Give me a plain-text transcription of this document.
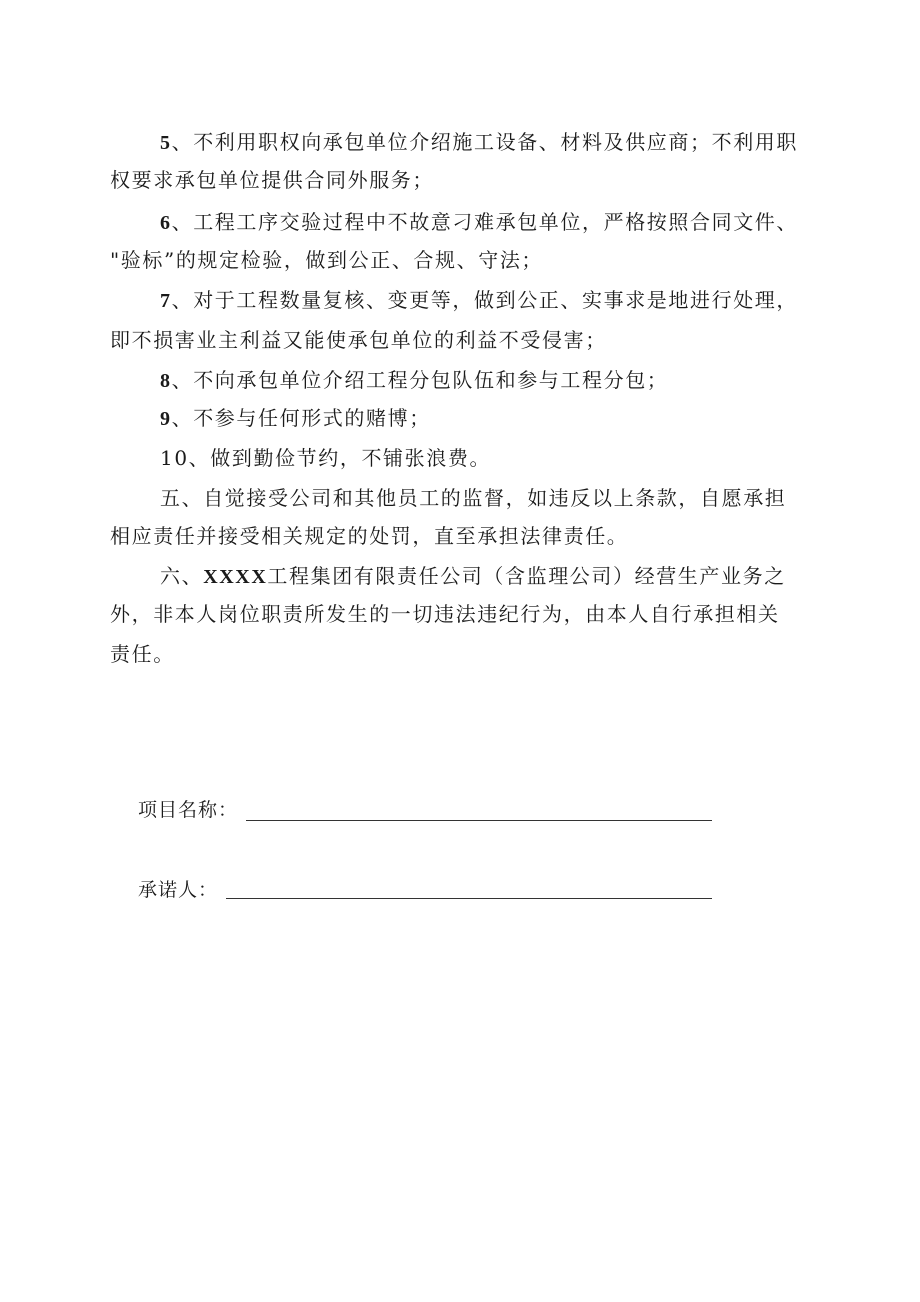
5、不利用职权向承包单位介绍施工设备、材料及供应商；不利用职
权要求承包单位提供合同外服务；
6、工程工序交验过程中不故意刁难承包单位，严格按照合同文件、
"验标”的规定检验，做到公正、合规、守法；
7、对于工程数量复核、变更等，做到公正、实事求是地进行处理，
即不损害业主利益又能使承包单位的利益不受侵害；
8、不向承包单位介绍工程分包队伍和参与工程分包；
9、不参与任何形式的赌博；
10、做到勤俭节约，不铺张浪费。
五、自觉接受公司和其他员工的监督，如违反以上条款，自愿承担
相应责任并接受相关规定的处罚，直至承担法律责任。
六、XXXX工程集团有限责任公司（含监理公司）经营生产业务之
外，非本人岗位职责所发生的一切违法违纪行为，由本人自行承担相关
责任。
项目名称：
承诺人：
